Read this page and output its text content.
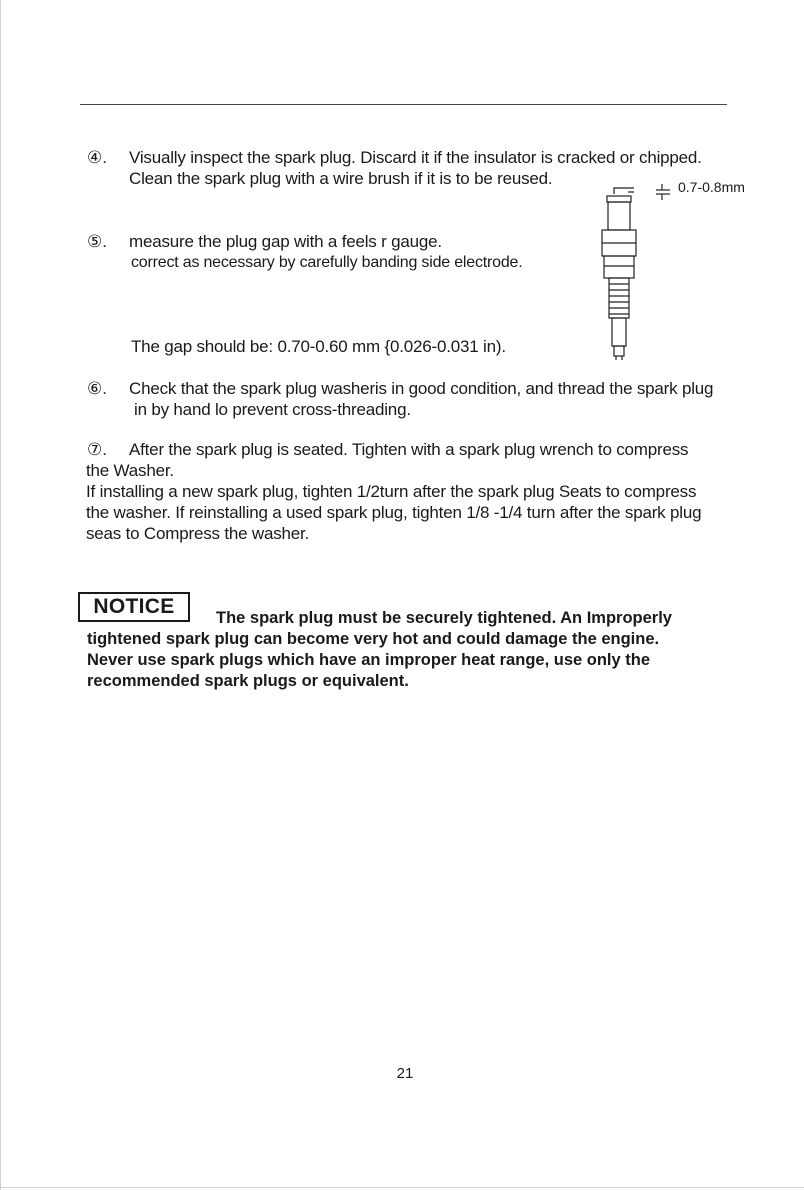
④. Visually inspect the spark plug. Discard it if the insulator is cracked or chipped.
Clean the spark plug with a wire brush if it is to be reused.
⑤. measure the plug gap with a feels r gauge.
correct as necessary by carefully banding side electrode.
The gap should be: 0.70-0.60 mm {0.026-0.031 in).
0.7-0.8mm
⑥. Check that the spark plug washeris in good condition, and thread the spark plug
in by hand lo prevent cross-threading.
⑦. After the spark plug is seated. Tighten with a spark plug wrench to compress
the Washer.
If installing a new spark plug, tighten 1/2turn after the spark plug Seats to compress
the washer. If reinstalling a used spark plug, tighten 1/8 -1/4 turn after the spark plug
seas to Compress the washer.
NOTICE	The spark plug must be securely tightened. An Improperly
tightened spark plug can become very hot and could damage the engine.
Never use spark plugs which have an improper heat range, use only the
recommended spark plugs or equivalent.
21
